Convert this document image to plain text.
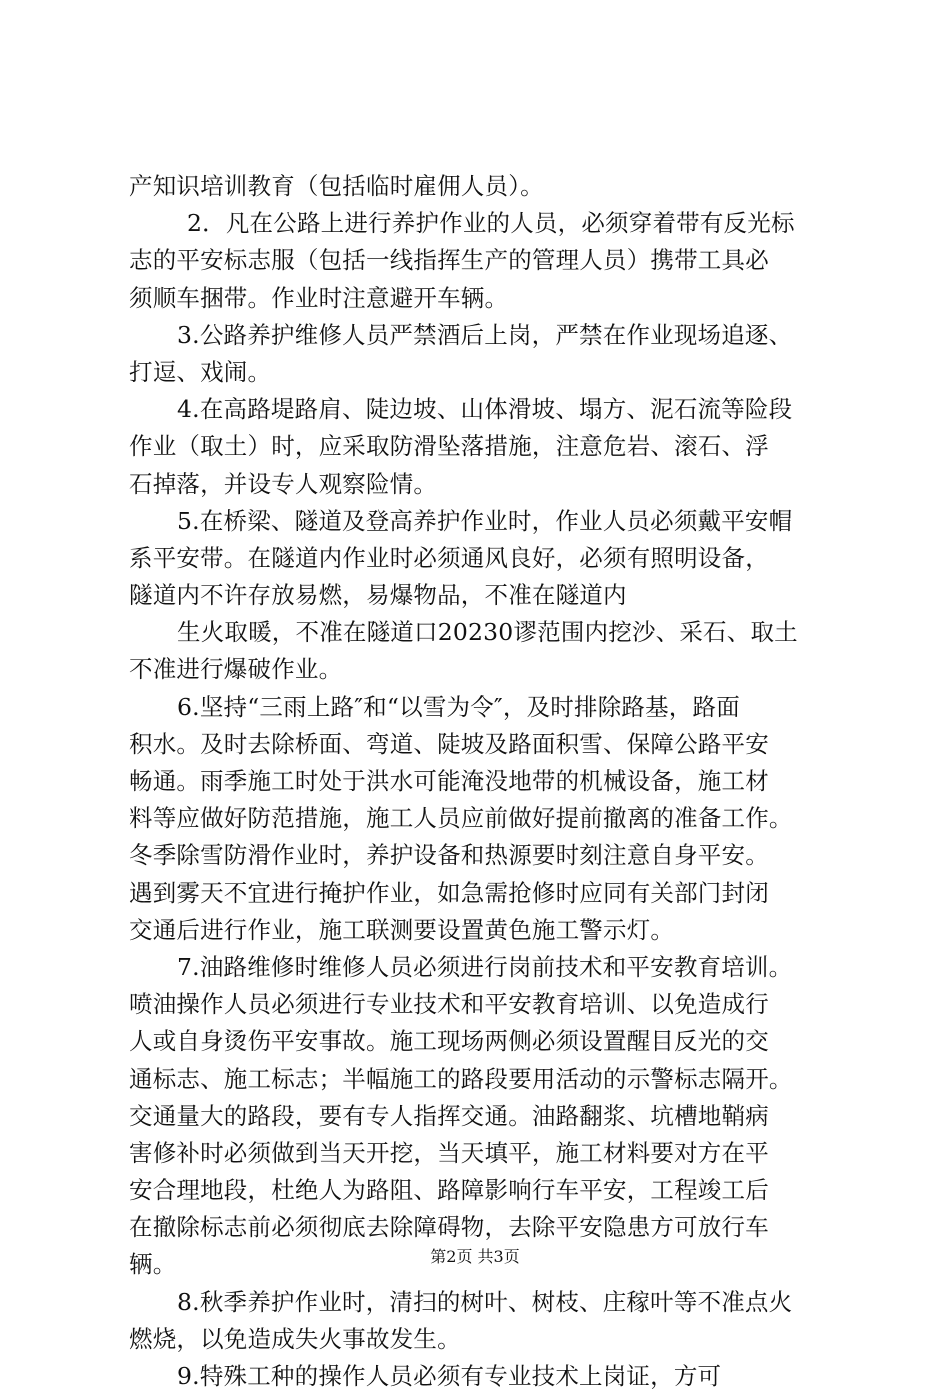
产知识培训教育（包括临时雇佣人员）。
2．凡在公路上进行养护作业的人员，必须穿着带有反光标
志的平安标志服（包括一线指挥生产的管理人员）携带工具必
须顺车捆带。作业时注意避开车辆。
3.公路养护维修人员严禁酒后上岗，严禁在作业现场追逐、
打逗、戏闹。
4.在高路堤路肩、陡边坡、山体滑坡、塌方、泥石流等险段
作业（取土）时，应采取防滑坠落措施，注意危岩、滚石、浮
石掉落，并设专人观察险情。
5.在桥梁、隧道及登高养护作业时，作业人员必须戴平安帽
系平安带。在隧道内作业时必须通风良好，必须有照明设备，
隧道内不许存放易燃，易爆物品，不准在隧道内
生火取暖，不准在隧道口20230谬范围内挖沙、采石、取土
不准进行爆破作业。
6.坚持“三雨上路″和“以雪为令″，及时排除路基，路面
积水。及时去除桥面、弯道、陡坡及路面积雪、保障公路平安
畅通。雨季施工时处于洪水可能淹没地带的机械设备，施工材
料等应做好防范措施，施工人员应前做好提前撤离的准备工作。
冬季除雪防滑作业时，养护设备和热源要时刻注意自身平安。
遇到雾天不宜进行掩护作业，如急需抢修时应同有关部门封闭
交通后进行作业，施工联测要设置黄色施工警示灯。
7.油路维修时维修人员必须进行岗前技术和平安教育培训。
喷油操作人员必须进行专业技术和平安教育培训、以免造成行
人或自身烫伤平安事故。施工现场两侧必须设置醒目反光的交
通标志、施工标志；半幅施工的路段要用活动的示警标志隔开。
交通量大的路段，要有专人指挥交通。油路翻浆、坑槽地鞘病
害修补时必须做到当天开挖，当天填平，施工材料要对方在平
安合理地段，杜绝人为路阻、路障影响行车平安，工程竣工后
在撤除标志前必须彻底去除障碍物，去除平安隐患方可放行车
辆。
8.秋季养护作业时，清扫的树叶、树枝、庄稼叶等不准点火
燃烧，以免造成失火事故发生。
9.特殊工种的操作人员必须有专业技术上岗证，方可
第2页 共3页
